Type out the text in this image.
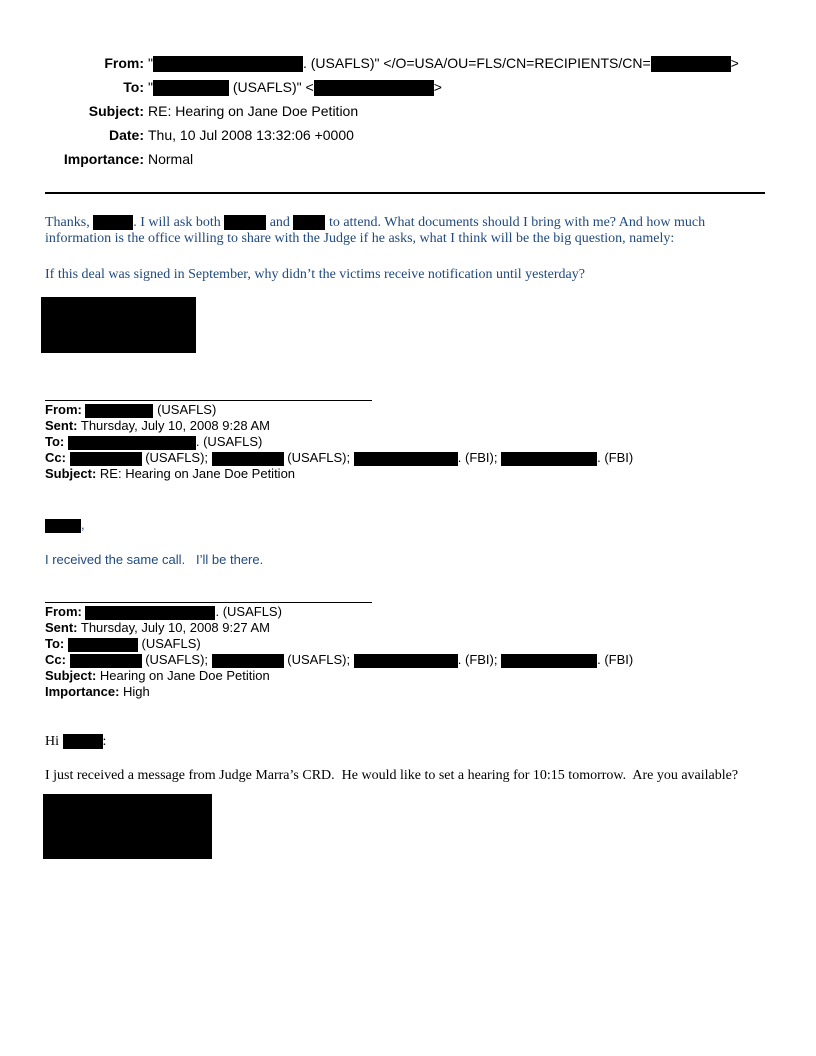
From: "	. (USAFLS)" </O=USA/OU=FLS/CN=RECIPIENTS/CN=	>
To: "	(USAFLS)" <	>
Subject: RE: Hearing on Jane Doe Petition
Date: Thu, 10 Jul 2008 13:32:06 +0000
Importance: Normal
Thanks,	. I will ask both	and	to attend. What documents should I bring with me? And how much
information is the office willing to share with the Judge if he asks, what I think will be the big question, namely:
If this deal was signed in September, why didn’t the victims receive notification until yesterday?
From:	(USAFLS)
Sent: Thursday, July 10, 2008 9:28 AM
To:	. (USAFLS)
Cc:	(USAFLS);	(USAFLS);	. (FBI);	. (FBI)
Subject: RE: Hearing on Jane Doe Petition
,
I received the same call.   I’ll be there.
From:	. (USAFLS)
Sent: Thursday, July 10, 2008 9:27 AM
To:	(USAFLS)
Cc:	(USAFLS);	(USAFLS);	. (FBI);	. (FBI)
Subject: Hearing on Jane Doe Petition
Importance: High
Hi	:
I just received a message from Judge Marra’s CRD.  He would like to set a hearing for 10:15 tomorrow.  Are you available?
